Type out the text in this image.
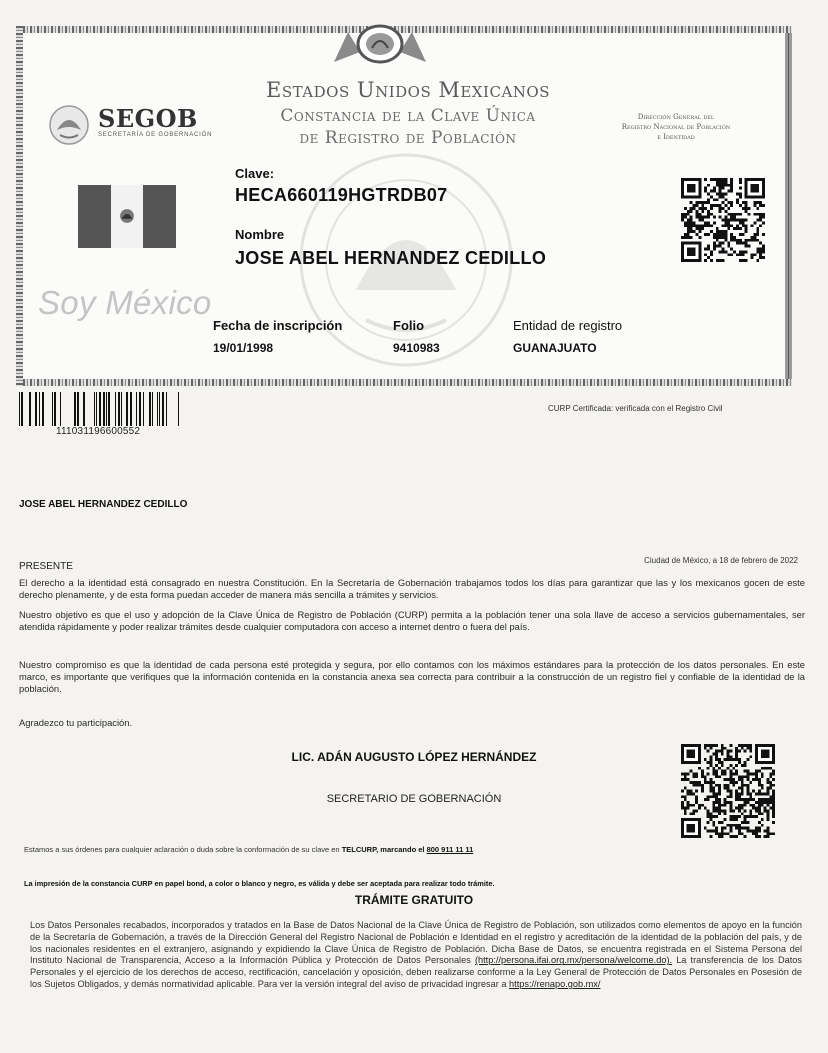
SEGOB
SECRETARÍA DE GOBERNACIÓN
Estados Unidos Mexicanos
Constancia de la Clave Única
de Registro de Población
Dirección General del
Registro Nacional de Población
e Identidad
Clave:
HECA660119HGTRDB07
Nombre
JOSE ABEL HERNANDEZ CEDILLO
Soy México
Fecha de inscripción
19/01/1998
Folio
9410983
Entidad de registro
GUANAJUATO
111031196600552
CURP Certificada: verificada con el Registro Civil
JOSE ABEL HERNANDEZ CEDILLO
PRESENTE
Ciudad de México, a 18 de febrero de 2022
El derecho a la identidad está consagrado en nuestra Constitución. En la Secretaría de Gobernación trabajamos todos los días para garantizar que las y los mexicanos gocen de este derecho plenamente, y de esta forma puedan acceder de manera más sencilla a trámites y servicios.
Nuestro objetivo es que el uso y adopción de la Clave Única de Registro de Población (CURP) permita a la población tener una sola llave de acceso a servicios gubernamentales, ser atendida rápidamente y poder realizar trámites desde cualquier computadora con acceso a internet dentro o fuera del país.
Nuestro compromiso es que la identidad de cada persona esté protegida y segura, por ello contamos con los máximos estándares para la protección de los datos personales. En este marco, es importante que verifiques que la información contenida en la constancia anexa sea correcta para contribuir a la construcción de un registro fiel y confiable de la identidad de la población.
Agradezco tu participación.
LIC. ADÁN AUGUSTO LÓPEZ HERNÁNDEZ
SECRETARIO DE GOBERNACIÓN
Estamos a sus órdenes para cualquier aclaración o duda sobre la conformación de su clave en TELCURP, marcando el 800 911 11 11
La impresión de la constancia CURP en papel bond, a color o blanco y negro, es válida y debe ser aceptada para realizar todo trámite.
TRÁMITE GRATUITO
Los Datos Personales recabados, incorporados y tratados en la Base de Datos Nacional de la Clave Única de Registro de Población, son utilizados como elementos de apoyo en la función de la Secretaría de Gobernación, a través de la Dirección General del Registro Nacional de Población e Identidad en el registro y acreditación de la identidad de la población del país, y de los nacionales residentes en el extranjero, asignando y expidiendo la Clave Única de Registro de Población. Dicha Base de Datos, se encuentra registrada en el Sistema Persona del Instituto Nacional de Transparencia, Acceso a la Información Pública y Protección de Datos Personales (http://persona.ifai.org.mx/persona/welcome.do). La transferencia de los Datos Personales y el ejercicio de los derechos de acceso, rectificación, cancelación y oposición, deben realizarse conforme a la Ley General de Protección de Datos Personales en Posesión de los Sujetos Obligados, y demás normatividad aplicable. Para ver la versión integral del aviso de privacidad ingresar a https://renapo.gob.mx/
